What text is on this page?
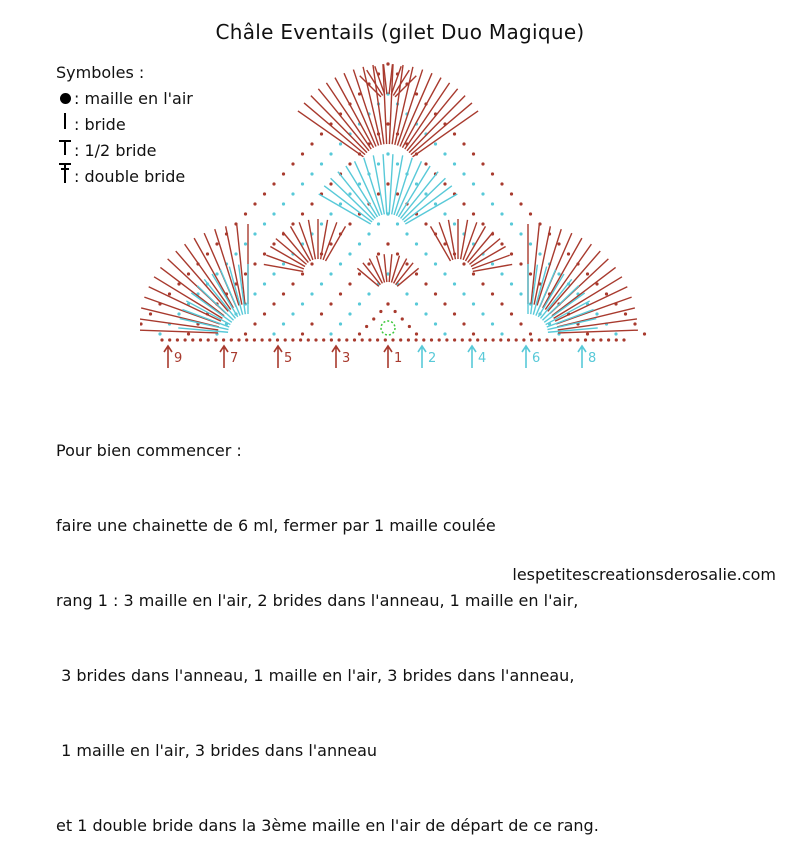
Châle Eventails (gilet Duo Magique)
Symboles :
: maille en l'air
: bride
: 1/2 bride
: double bride
9	7	5	3	1 2	4	6	8

Pour bien commencer :

faire une chainette de 6 ml, fermer par 1 maille coulée

rang 1 : 3 maille en l'air, 2 brides dans l'anneau, 1 maille en l'air,

3 brides dans l'anneau, 1 maille en l'air, 3 brides dans l'anneau,

1 maille en l'air, 3 brides dans l'anneau

et 1 double bride dans la 3ème maille en l'air de départ de ce rang.

lespetitescreationsderosalie.com
